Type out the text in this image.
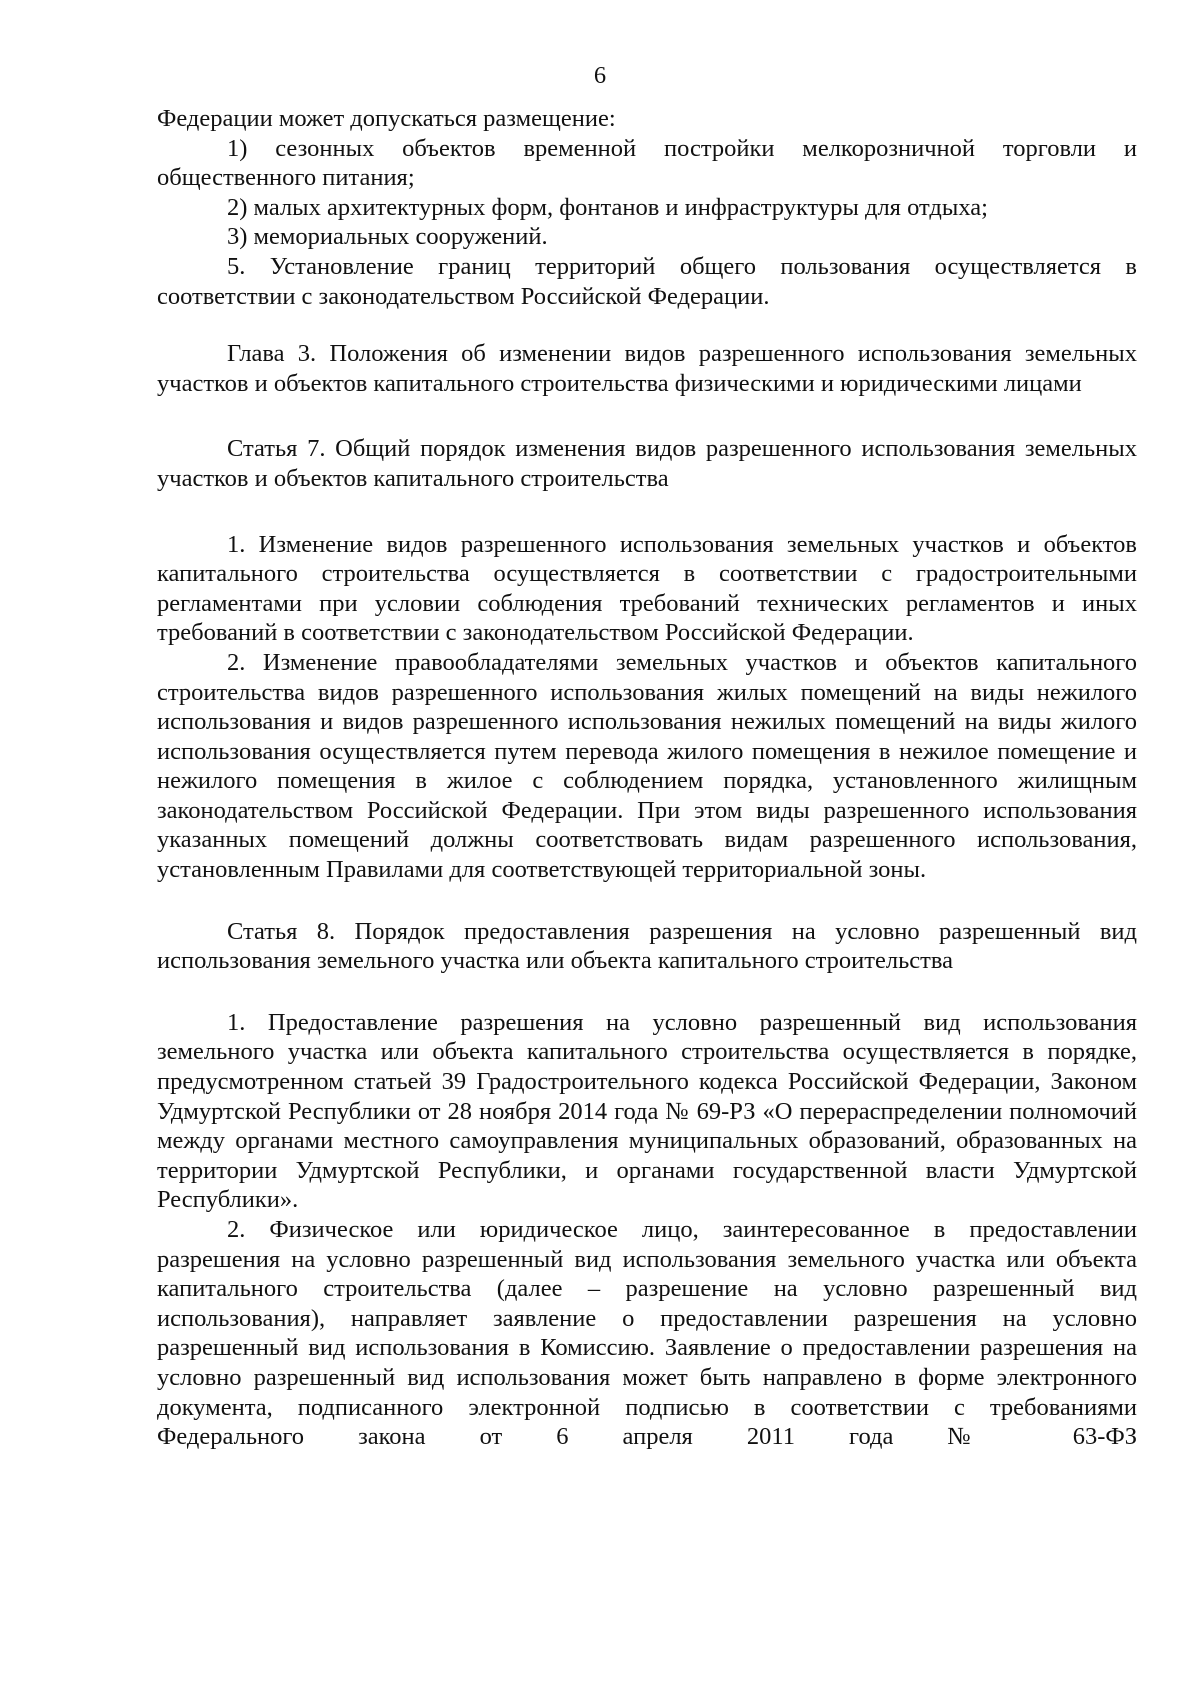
6

Федерации может допускаться размещение:

1) сезонных объектов временной постройки мелкорозничной торговли и общественного питания;

2) малых архитектурных форм, фонтанов и инфраструктуры для отдыха;

3) мемориальных сооружений.

5. Установление границ территорий общего пользования осуществляется в соответствии с законодательством Российской Федерации.

Глава 3. Положения об изменении видов разрешенного использования земельных участков и объектов капитального строительства физическими и юридическими лицами

Статья 7. Общий порядок изменения видов разрешенного использования земельных участков и объектов капитального строительства

1. Изменение видов разрешенного использования земельных участков и объектов капитального строительства осуществляется в соответствии с градостроительными регламентами при условии соблюдения требований технических регламентов и иных требований в соответствии с законодательством Российской Федерации.

2. Изменение правообладателями земельных участков и объектов капитального строительства видов разрешенного использования жилых помещений на виды нежилого использования и видов разрешенного использования нежилых помещений на виды жилого использования осуществляется путем перевода жилого помещения в нежилое помещение и нежилого помещения в жилое с соблюдением порядка, установленного жилищным законодательством Российской Федерации. При этом виды разрешенного использования указанных помещений должны соответствовать видам разрешенного использования, установленным Правилами для соответствующей территориальной зоны.

Статья 8. Порядок предоставления разрешения на условно разрешенный вид использования земельного участка или объекта капитального строительства

1. Предоставление разрешения на условно разрешенный вид использования земельного участка или объекта капитального строительства осуществляется в порядке, предусмотренном статьей 39 Градостроительного кодекса Российской Федерации, Законом Удмуртской Республики от 28 ноября 2014 года № 69-РЗ «О перераспределении полномочий между органами местного самоуправления муниципальных образований, образованных на территории Удмуртской Республики, и органами государственной власти Удмуртской Республики».

2. Физическое или юридическое лицо, заинтересованное в предоставлении разрешения на условно разрешенный вид использования земельного участка или объекта капитального строительства (далее – разрешение на условно разрешенный вид использования), направляет заявление о предоставлении разрешения на условно разрешенный вид использования в Комиссию. Заявление о предоставлении разрешения на условно разрешенный вид использования может быть направлено в форме электронного документа, подписанного электронной подписью в соответствии с требованиями Федерального закона от 6 апреля 2011 года № 63-ФЗ
